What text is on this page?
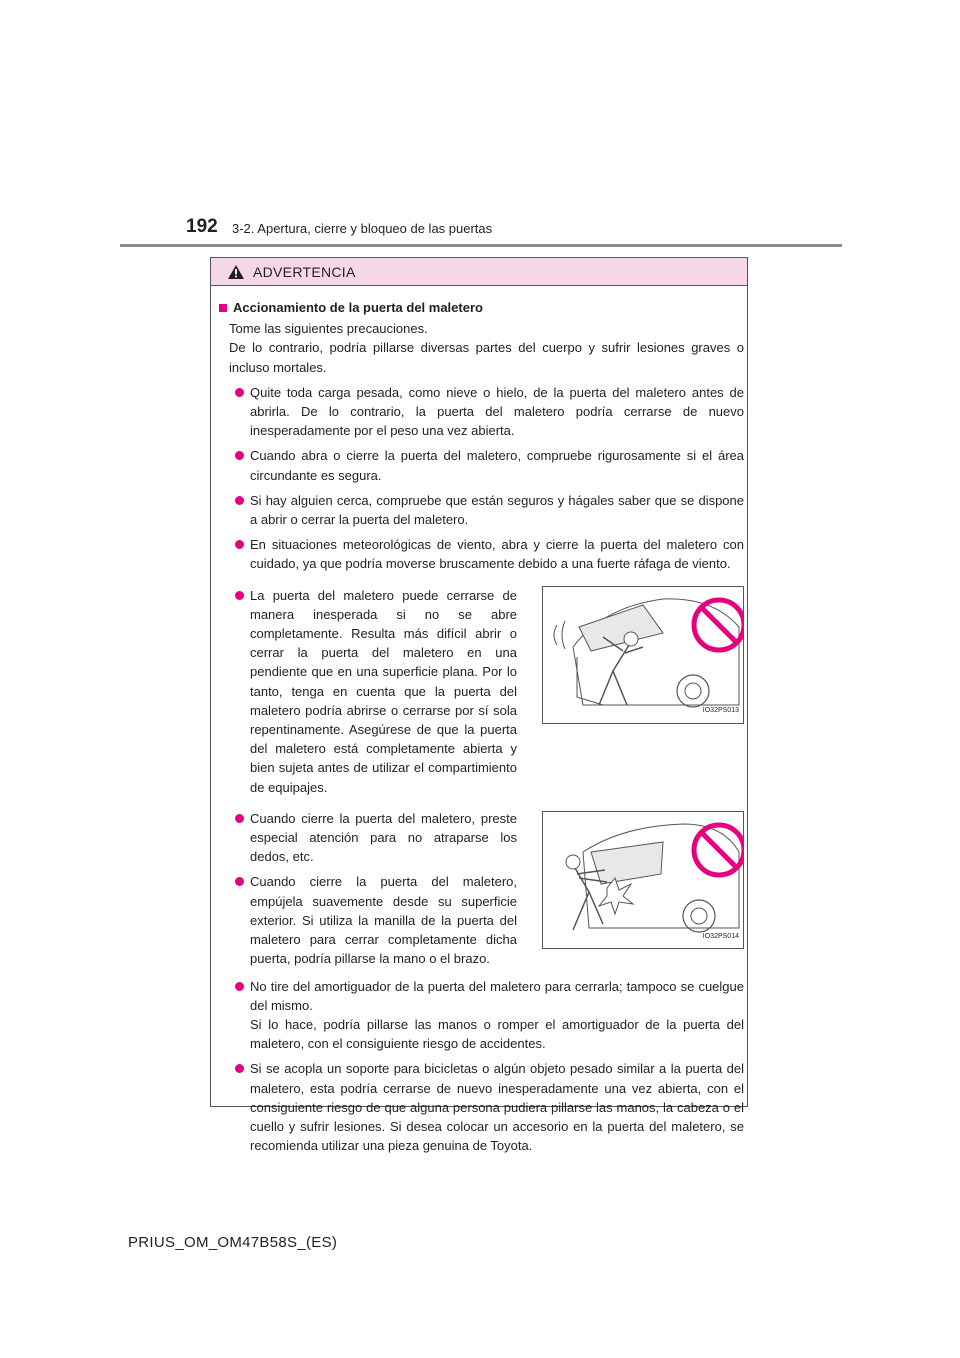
192 3-2. Apertura, cierre y bloqueo de las puertas
ADVERTENCIA
Accionamiento de la puerta del maletero
Tome las siguientes precauciones.
De lo contrario, podría pillarse diversas partes del cuerpo y sufrir lesiones graves o incluso mortales.
Quite toda carga pesada, como nieve o hielo, de la puerta del maletero antes de abrirla. De lo contrario, la puerta del maletero podría cerrarse de nuevo inesperadamente por el peso una vez abierta.
Cuando abra o cierre la puerta del maletero, compruebe rigurosamente si el área circundante es segura.
Si hay alguien cerca, compruebe que están seguros y hágales saber que se dispone a abrir o cerrar la puerta del maletero.
En situaciones meteorológicas de viento, abra y cierre la puerta del maletero con cuidado, ya que podría moverse bruscamente debido a una fuerte ráfaga de viento.
La puerta del maletero puede cerrarse de manera inesperada si no se abre completamente. Resulta más difícil abrir o cerrar la puerta del maletero en una pendiente que en una superficie plana. Por lo tanto, tenga en cuenta que la puerta del maletero podría abrirse o cerrarse por sí sola repentinamente. Asegúrese de que la puerta del maletero está completamente abierta y bien sujeta antes de utilizar el compartimiento de equipajes.
IO32PS013
Cuando cierre la puerta del maletero, preste especial atención para no atraparse los dedos, etc.
Cuando cierre la puerta del maletero, empújela suavemente desde su superficie exterior. Si utiliza la manilla de la puerta del maletero para cerrar completamente dicha puerta, podría pillarse la mano o el brazo.
IO32PS014
No tire del amortiguador de la puerta del maletero para cerrarla; tampoco se cuelgue del mismo.
Si lo hace, podría pillarse las manos o romper el amortiguador de la puerta del maletero, con el consiguiente riesgo de accidentes.
Si se acopla un soporte para bicicletas o algún objeto pesado similar a la puerta del maletero, esta podría cerrarse de nuevo inesperadamente una vez abierta, con el consiguiente riesgo de que alguna persona pudiera pillarse las manos, la cabeza o el cuello y sufrir lesiones. Si desea colocar un accesorio en la puerta del maletero, se recomienda utilizar una pieza genuina de Toyota.
PRIUS_OM_OM47B58S_(ES)
